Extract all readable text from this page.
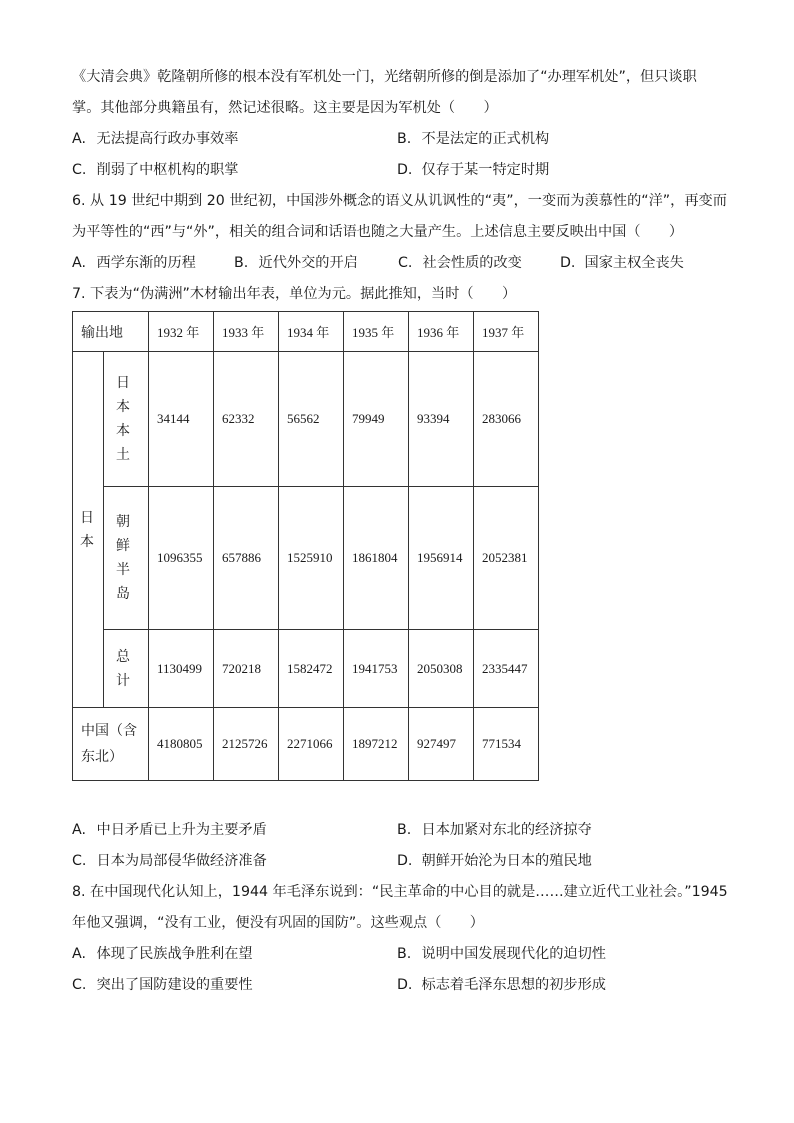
《大清会典》乾隆朝所修的根本没有军机处一门，光绪朝所修的倒是添加了“办理军机处”，但只谈职
掌。其他部分典籍虽有，然记述很略。这主要是因为军机处（　　）
A. 无法提高行政办事效率	B. 不是法定的正式机构
C. 削弱了中枢机构的职掌	D. 仅存于某一特定时期
6. 从 19 世纪中期到 20 世纪初，中国涉外概念的语义从讥讽性的“夷”，一变而为羡慕性的“洋”，再变而
为平等性的“西”与“外”，相关的组合词和话语也随之大量产生。上述信息主要反映出中国（　　）
A. 西学东渐的历程	B. 近代外交的开启	C. 社会性质的改变	D. 国家主权全丧失
7. 下表为“伪满洲”木材输出年表，单位为元。据此推知，当时（　　）
输出地		1932 年	1933 年	1934 年	1935 年	1936 年	1937 年

日本	日本本土	34144	62332	56562	79949	93394	283066

	朝鲜半岛	1096355	657886	1525910	1861804	1956914	2052381

	总计	1130499	720218	1582472	1941753	2050308	2335447
中国（含东北）		4180805	2125726	2271066	1897212	927497	771534
A. 中日矛盾已上升为主要矛盾	B. 日本加紧对东北的经济掠夺
C. 日本为局部侵华做经济准备	D. 朝鲜开始沦为日本的殖民地
8. 在中国现代化认知上，1944 年毛泽东说到：“民主革命的中心目的就是……建立近代工业社会。”1945
年他又强调，“没有工业，便没有巩固的国防”。这些观点（　　）
A. 体现了民族战争胜利在望	B. 说明中国发展现代化的迫切性
C. 突出了国防建设的重要性	D. 标志着毛泽东思想的初步形成
